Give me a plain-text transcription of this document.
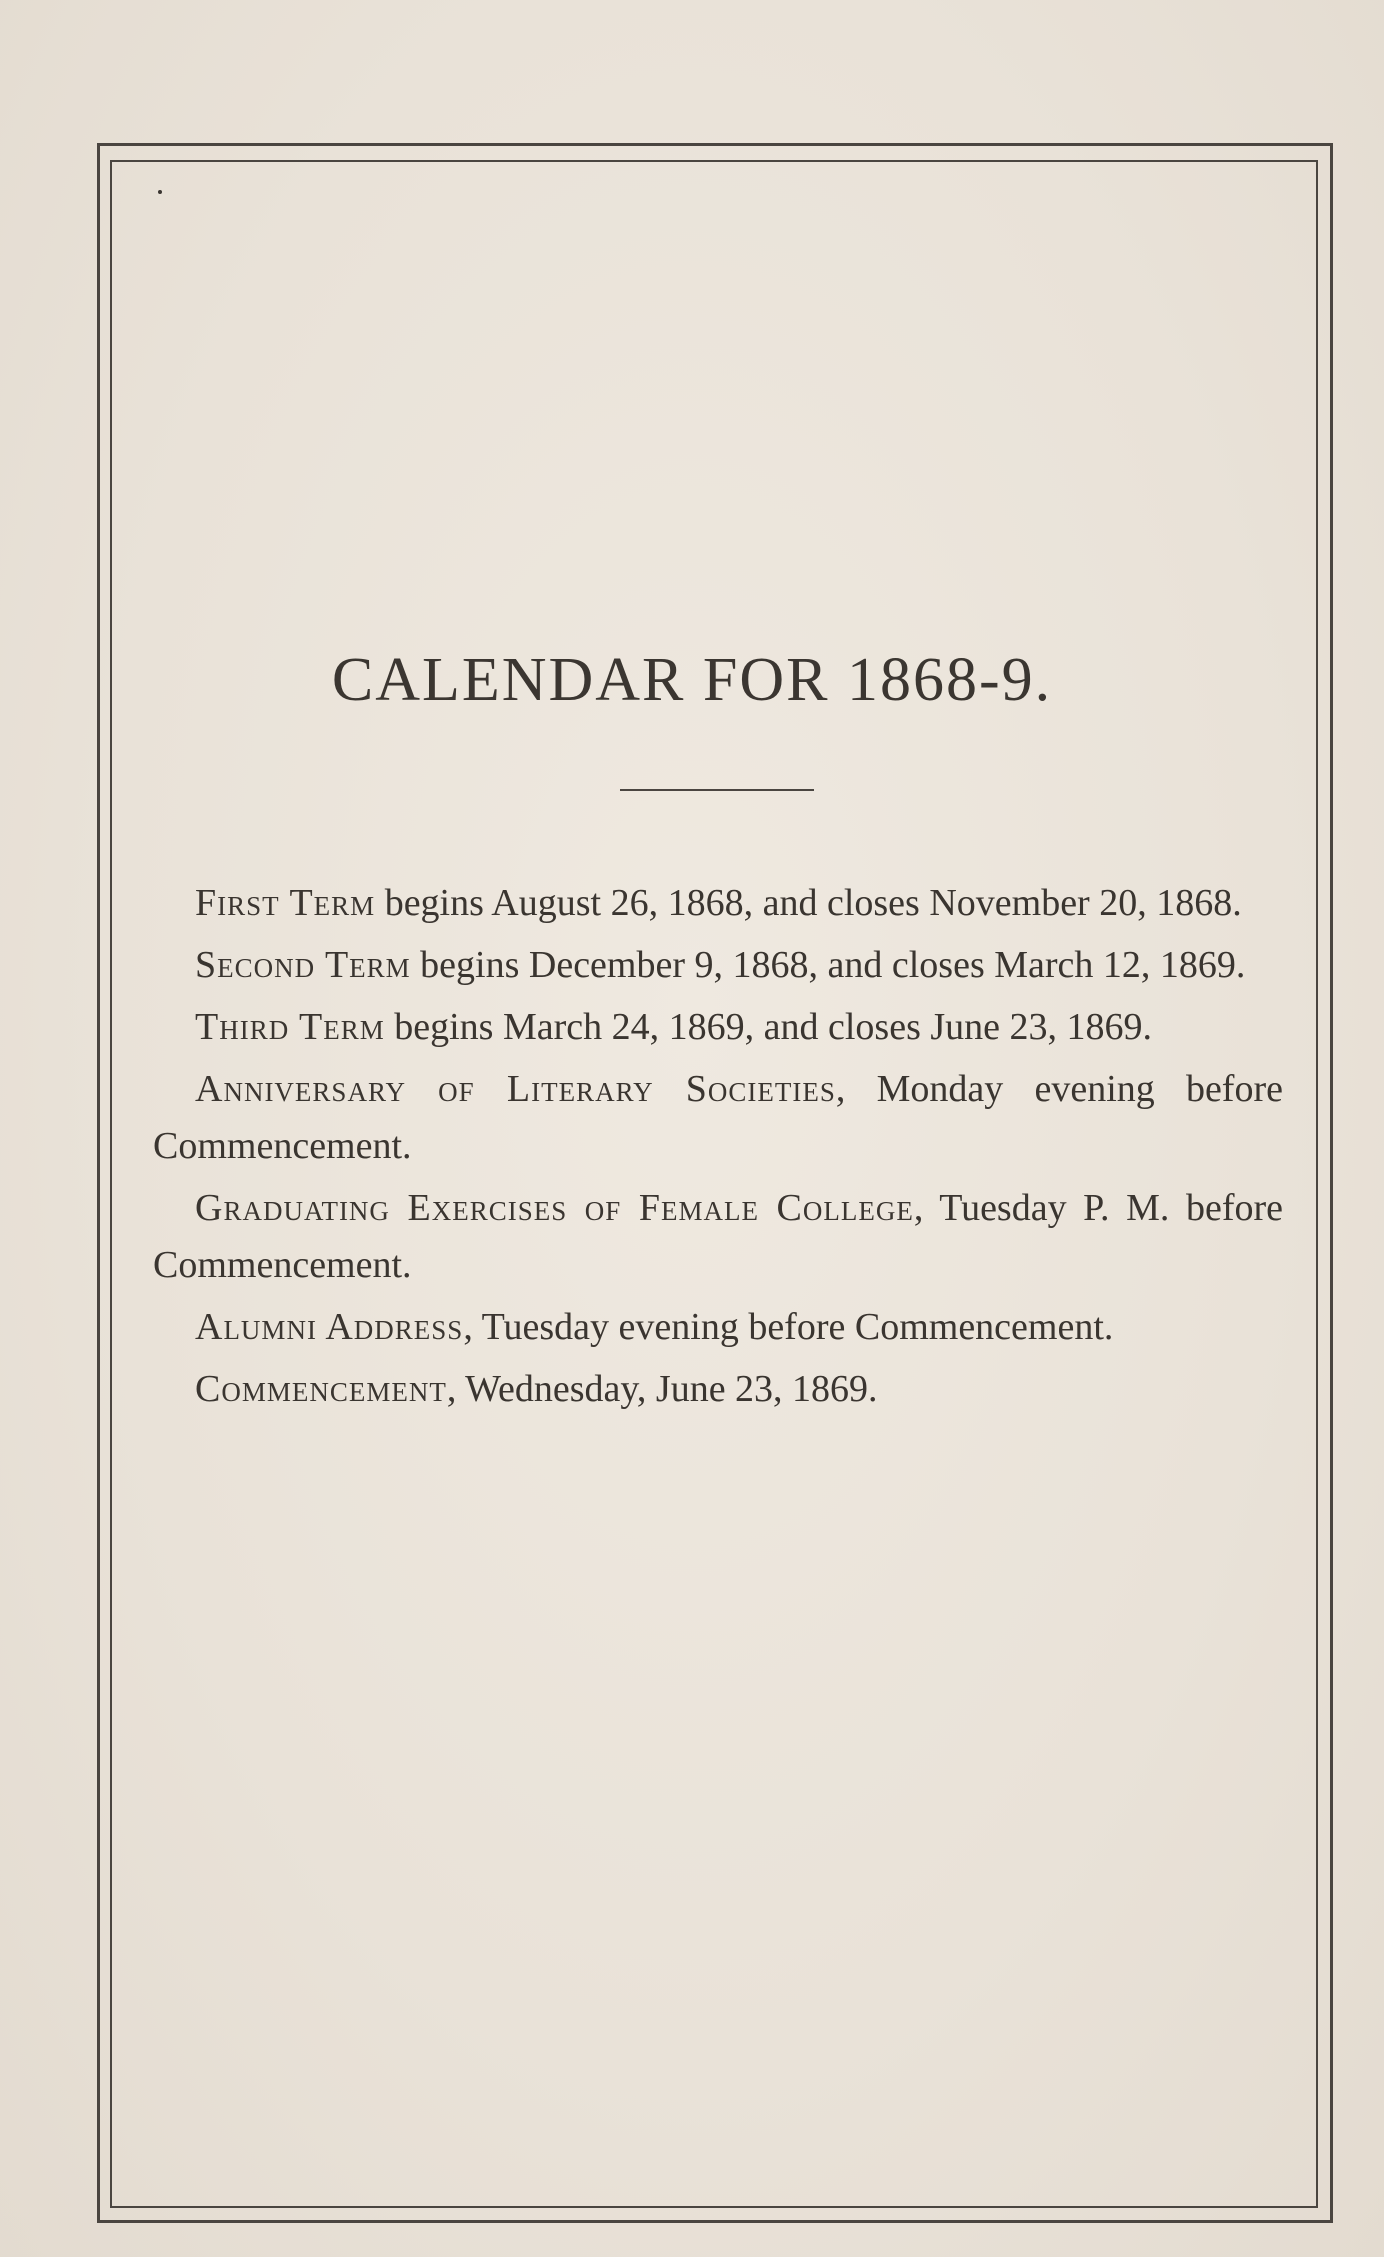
CALENDAR FOR 1868-9.

First Term begins August 26, 1868, and closes November 20, 1868.

Second Term begins December 9, 1868, and closes March 12, 1869.

Third Term begins March 24, 1869, and closes June 23, 1869.

Anniversary of Literary Societies, Monday evening before Commencement.

Graduating Exercises of Female College, Tuesday P. M. before Commencement.

Alumni Address, Tuesday evening before Commencement.

Commencement, Wednesday, June 23, 1869.
